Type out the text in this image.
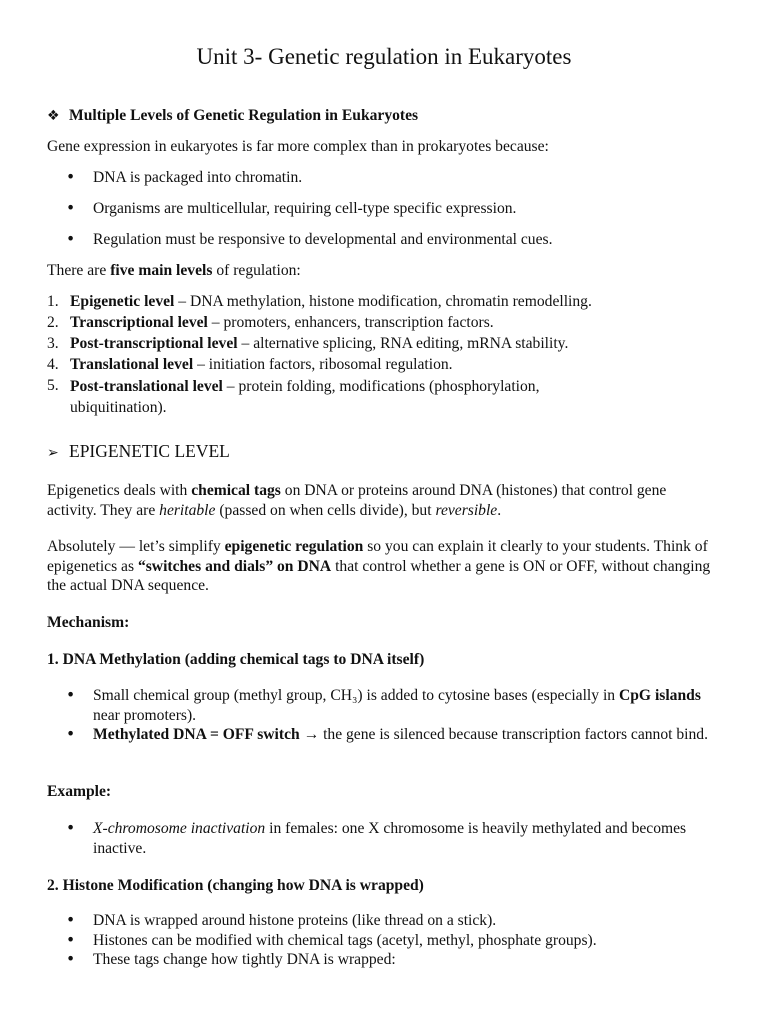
Unit 3- Genetic regulation in Eukaryotes

❖ Multiple Levels of Genetic Regulation in Eukaryotes

Gene expression in eukaryotes is far more complex than in prokaryotes because:

• DNA is packaged into chromatin.
• Organisms are multicellular, requiring cell-type specific expression.
• Regulation must be responsive to developmental and environmental cues.

There are five main levels of regulation:

1. Epigenetic level – DNA methylation, histone modification, chromatin remodelling.
2. Transcriptional level – promoters, enhancers, transcription factors.
3. Post-transcriptional level – alternative splicing, RNA editing, mRNA stability.
4. Translational level – initiation factors, ribosomal regulation.
5. Post-translational level – protein folding, modifications (phosphorylation, ubiquitination).

➢ EPIGENETIC LEVEL

Epigenetics deals with chemical tags on DNA or proteins around DNA (histones) that control gene activity. They are heritable (passed on when cells divide), but reversible.

Absolutely — let’s simplify epigenetic regulation so you can explain it clearly to your students. Think of epigenetics as “switches and dials” on DNA that control whether a gene is ON or OFF, without changing the actual DNA sequence.

Mechanism:

1. DNA Methylation (adding chemical tags to DNA itself)

• Small chemical group (methyl group, CH₃) is added to cytosine bases (especially in CpG islands near promoters).
• Methylated DNA = OFF switch → the gene is silenced because transcription factors cannot bind.

Example:

• X-chromosome inactivation in females: one X chromosome is heavily methylated and becomes inactive.

2. Histone Modification (changing how DNA is wrapped)

• DNA is wrapped around histone proteins (like thread on a stick).
• Histones can be modified with chemical tags (acetyl, methyl, phosphate groups).
• These tags change how tightly DNA is wrapped:
